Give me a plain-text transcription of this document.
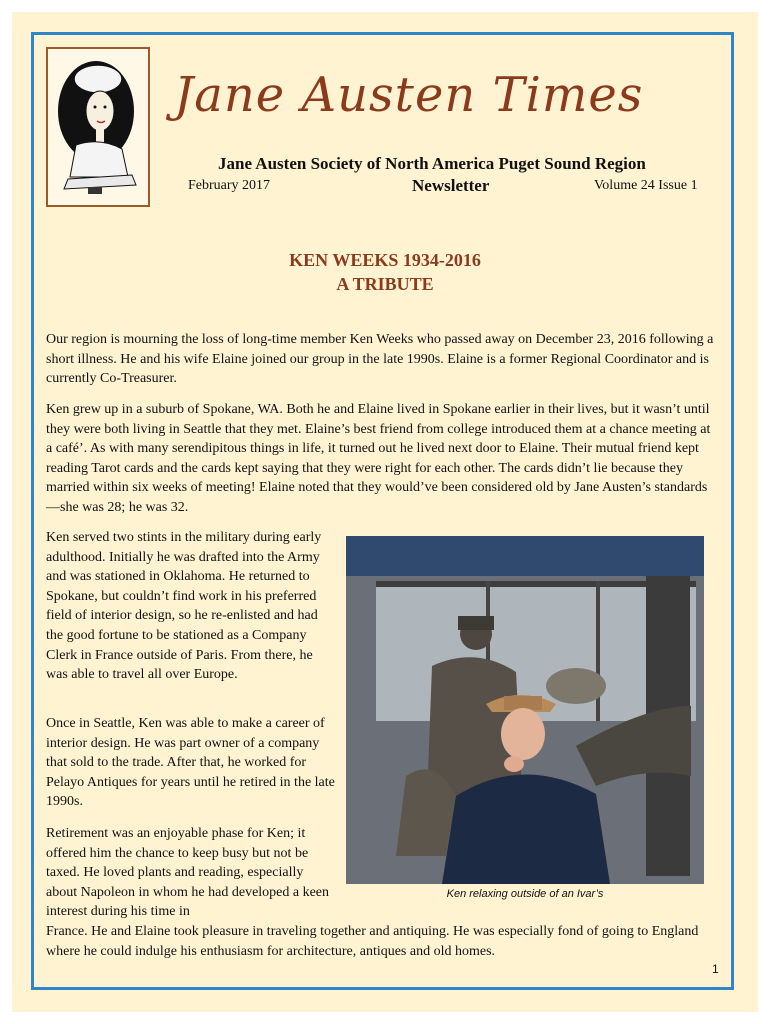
Jane Austen Times
Jane Austen Society of North America Puget Sound Region
February 2017	Newsletter	Volume 24 Issue 1
KEN WEEKS 1934-2016
A TRIBUTE

Our region is mourning the loss of long-time member Ken Weeks who passed away on December 23, 2016 following a short illness. He and his wife Elaine joined our group in the late 1990s. Elaine is a former Regional Coordinator and is currently Co-Treasurer.

Ken grew up in a suburb of Spokane, WA. Both he and Elaine lived in Spokane earlier in their lives, but it wasn’t until they were both living in Seattle that they met. Elaine’s best friend from college introduced them at a chance meeting at a café’. As with many serendipitous things in life, it turned out he lived next door to Elaine. Their mutual friend kept reading Tarot cards and the cards kept saying that they were right for each other. The cards didn’t lie because they married within six weeks of meeting! Elaine noted that they would’ve been considered old by Jane Austen’s standards—she was 28; he was 32.

Ken served two stints in the military during early adulthood. Initially he was drafted into the Army and was stationed in Oklahoma. He returned to Spokane, but couldn’t find work in his preferred field of interior design, so he re-enlisted and had the good fortune to be stationed as a Company Clerk in France outside of Paris. From there, he was able to travel all over Europe.

Once in Seattle, Ken was able to make a career of interior design. He was part owner of a company that sold to the trade. After that, he worked for Pelayo Antiques for years until he retired in the late 1990s.

Retirement was an enjoyable phase for Ken; it offered him the chance to keep busy but not be taxed. He loved plants and reading, especially about Napoleon in whom he had developed a keen interest during his time in

France. He and Elaine took pleasure in traveling together and antiquing. He was especially fond of going to England where he could indulge his enthusiasm for architecture, antiques and old homes.

Ken relaxing outside of an Ivar’s
1
